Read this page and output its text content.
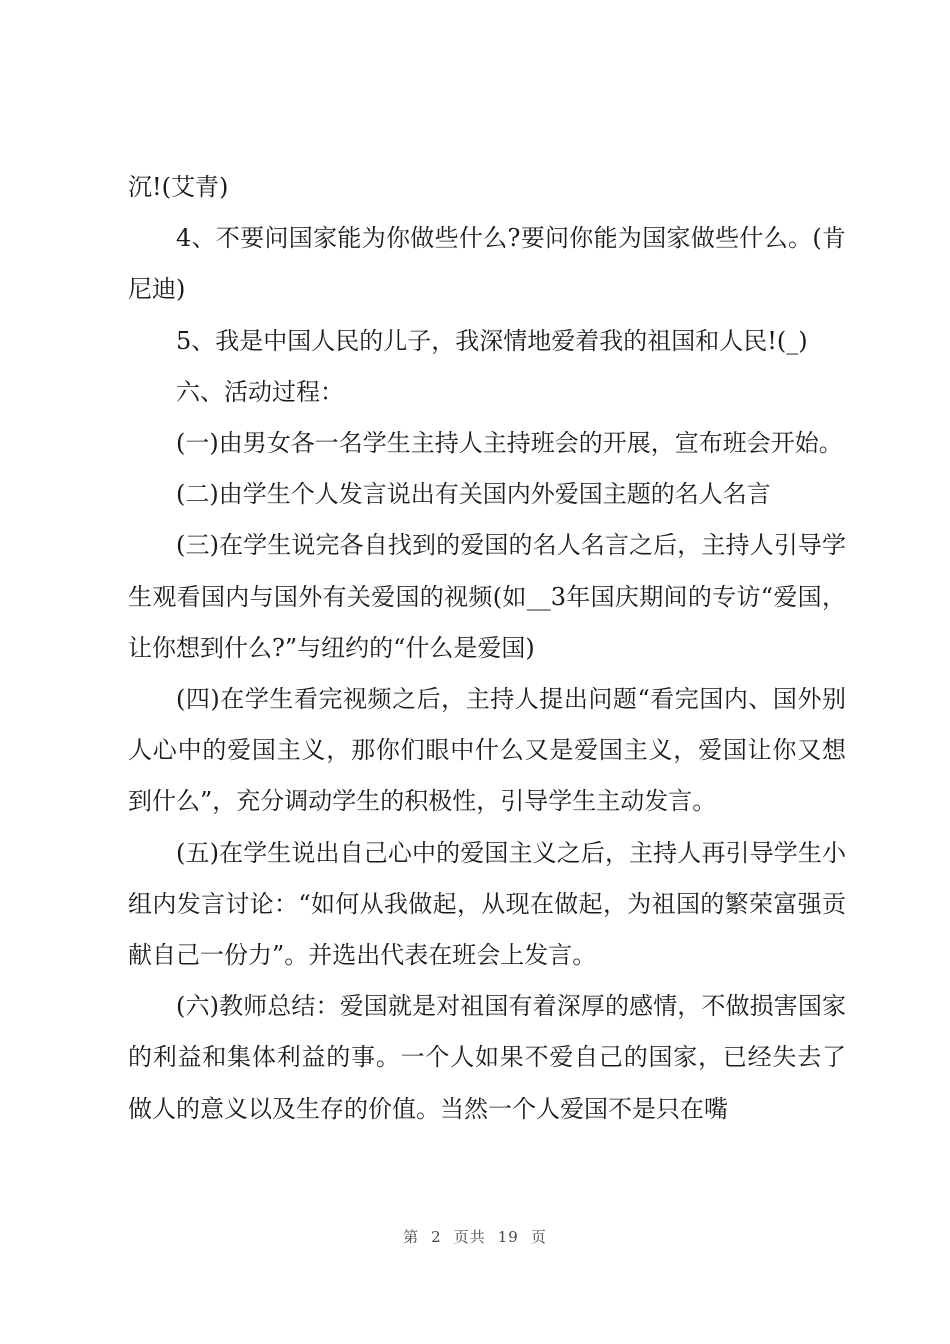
沉!(艾青)

4、不要问国家能为你做些什么?要问你能为国家做些什么。(肯尼迪)

5、我是中国人民的儿子，我深情地爱着我的祖国和人民!(_)

六、活动过程：

(一)由男女各一名学生主持人主持班会的开展，宣布班会开始。

(二)由学生个人发言说出有关国内外爱国主题的名人名言

(三)在学生说完各自找到的爱国的名人名言之后，主持人引导学生观看国内与国外有关爱国的视频(如__3年国庆期间的专访“爱国，让你想到什么?”与纽约的“什么是爱国)

(四)在学生看完视频之后，主持人提出问题“看完国内、国外别人心中的爱国主义，那你们眼中什么又是爱国主义，爱国让你又想到什么”，充分调动学生的积极性，引导学生主动发言。

(五)在学生说出自己心中的爱国主义之后，主持人再引导学生小组内发言讨论：“如何从我做起，从现在做起，为祖国的繁荣富强贡献自己一份力”。并选出代表在班会上发言。

(六)教师总结：爱国就是对祖国有着深厚的感情，不做损害国家的利益和集体利益的事。一个人如果不爱自己的国家，已经失去了做人的意义以及生存的价值。当然一个人爱国不是只在嘴

第 2 页共 19 页
